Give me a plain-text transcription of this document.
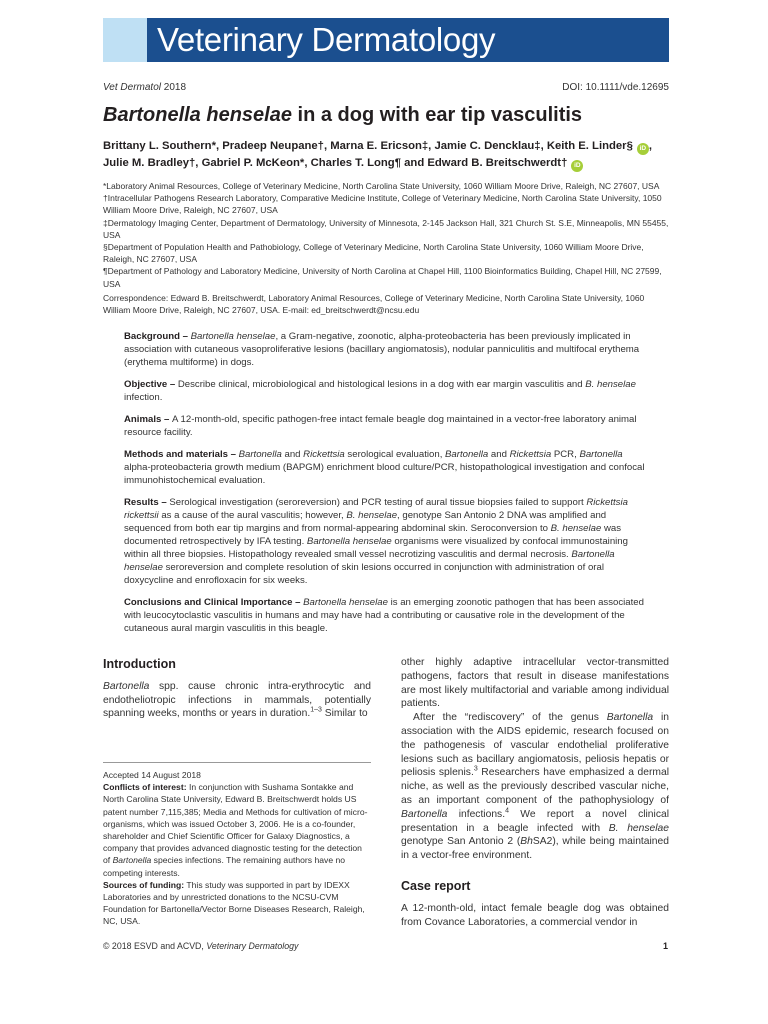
Veterinary Dermatology
Vet Dermatol 2018	DOI: 10.1111/vde.12695
Bartonella henselae in a dog with ear tip vasculitis
Brittany L. Southern*, Pradeep Neupane†, Marna E. Ericson‡, Jamie C. Dencklau‡, Keith E. Linder§ iD ,
Julie M. Bradley†, Gabriel P. McKeon*, Charles T. Long¶ and Edward B. Breitschwerdt† iD

*Laboratory Animal Resources, College of Veterinary Medicine, North Carolina State University, 1060 William Moore Drive, Raleigh, NC 27607, USA

†Intracellular Pathogens Research Laboratory, Comparative Medicine Institute, College of Veterinary Medicine, North Carolina State University, 1050 William Moore Drive, Raleigh, NC 27607, USA

‡Dermatology Imaging Center, Department of Dermatology, University of Minnesota, 2-145 Jackson Hall, 321 Church St. S.E, Minneapolis, MN 55455, USA

§Department of Population Health and Pathobiology, College of Veterinary Medicine, North Carolina State University, 1060 William Moore Drive, Raleigh, NC 27607, USA

¶Department of Pathology and Laboratory Medicine, University of North Carolina at Chapel Hill, 1100 Bioinformatics Building, Chapel Hill, NC 27599, USA

Correspondence: Edward B. Breitschwerdt, Laboratory Animal Resources, College of Veterinary Medicine, North Carolina State University, 1060 William Moore Drive, Raleigh, NC 27607, USA. E-mail: ed_breitschwerdt@ncsu.edu

Background – Bartonella henselae, a Gram-negative, zoonotic, alpha-proteobacteria has been previously implicated in association with cutaneous vasoproliferative lesions (bacillary angiomatosis), nodular panniculitis and multifocal erythema (erythema multiforme) in dogs.

Objective – Describe clinical, microbiological and histological lesions in a dog with ear margin vasculitis and B. henselae infection.

Animals – A 12-month-old, specific pathogen-free intact female beagle dog maintained in a vector-free laboratory animal resource facility.

Methods and materials – Bartonella and Rickettsia serological evaluation, Bartonella and Rickettsia PCR, Bartonella alpha-proteobacteria growth medium (BAPGM) enrichment blood culture/PCR, histopathological investigation and confocal immunohistochemical evaluation.

Results – Serological investigation (seroreversion) and PCR testing of aural tissue biopsies failed to support Rickettsia rickettsii as a cause of the aural vasculitis; however, B. henselae, genotype San Antonio 2 DNA was amplified and sequenced from both ear tip margins and from normal-appearing abdominal skin. Seroconversion to B. henselae was documented retrospectively by IFA testing. Bartonella henselae organisms were visualized by confocal immunostaining within all three biopsies. Histopathology revealed small vessel necrotizing vasculitis and dermal necrosis. Bartonella henselae seroreversion and complete resolution of skin lesions occurred in conjunction with administration of oral doxycycline and enrofloxacin for six weeks.

Conclusions and Clinical Importance – Bartonella henselae is an emerging zoonotic pathogen that has been associated with leucocytoclastic vasculitis in humans and may have had a contributing or causative role in the development of the cutaneous aural margin vasculitis in this beagle.

Introduction
Bartonella spp. cause chronic intra-erythrocytic and endotheliotropic infections in mammals, potentially spanning weeks, months or years in duration.$^{1-3}$ Similar to

Accepted 14 August 2018

Conflicts of interest: In conjunction with Sushama Sontakke and North Carolina State University, Edward B. Breitschwerdt holds US patent number 7,115,385; Media and Methods for cultivation of micro-organisms, which was issued October 3, 2006. He is a co-founder, shareholder and Chief Scientific Officer for Galaxy Diagnostics, a company that provides advanced diagnostic testing for the detection of Bartonella species infections. The remaining authors have no competing interests.

Sources of funding: This study was supported in part by IDEXX Laboratories and by unrestricted donations to the NCSU-CVM Foundation for Bartonella/Vector Borne Diseases Research, Raleigh, NC, USA.

other highly adaptive intracellular vector-transmitted pathogens, factors that result in disease manifestations are most likely multifactorial and variable among individual patients.

After the “rediscovery” of the genus Bartonella in association with the AIDS epidemic, research focused on the pathogenesis of vascular endothelial proliferative lesions such as bacillary angiomatosis, peliosis hepatis or peliosis splenis.$^3$ Researchers have emphasized a dermal niche, as well as the previously described vascular niche, as an important component of the pathophysiology of Bartonella infections.$^4$ We report a novel clinical presentation in a beagle infected with B. henselae genotype San Antonio 2 (BhSA2), while being maintained in a vector-free environment.

Case report

A 12-month-old, intact female beagle dog was obtained from Covance Laboratories, a commercial vendor in

© 2018 ESVD and ACVD, Veterinary Dermatology	1
